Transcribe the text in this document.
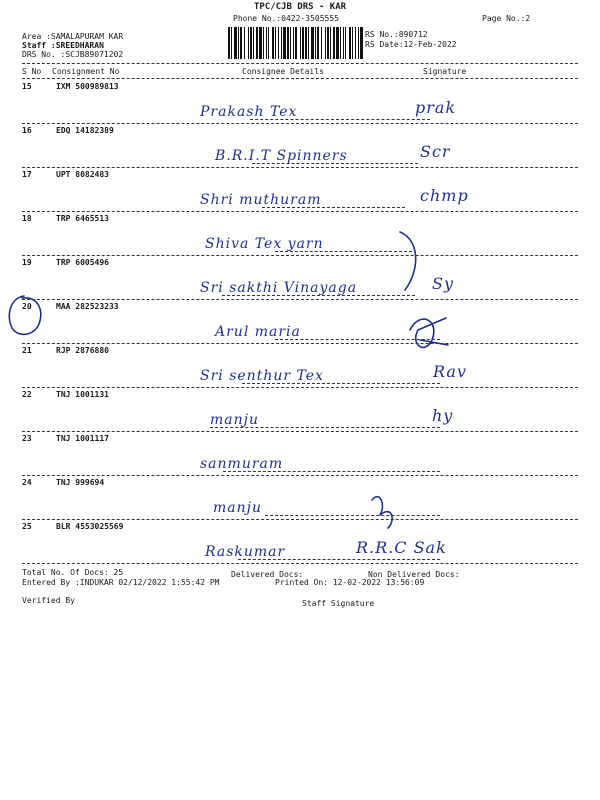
TPC/CJB DRS - KAR
Phone No.:0422-3505555	Page No.:2
Area :SAMALAPURAM KAR
Staff :SREEDHARAN
DRS No. :SCJB89071202
RS No.:890712
RS Date:12-Feb-2022
S No Consignment No	Consignee Details	Signature
15	IXM 500989813
Prakash Tex	prak
16	EDQ 14182389
B.R.I.T Spinners	Scr
17	UPT 8082483
Shri muthuram	chmp
18	TRP 6465513
Shiva Tex yarn
19	TRP 6005496
Sri sakthi Vinayaga	Sy
20	MAA 282523233
Arul maria
21	RJP 2876880
Sri senthur Tex	Rav
22	TNJ 1001131
manju	hy
23	TNJ 1001117
sanmuram
24	TNJ 999694
manju
25	BLR 4553025569
Raskumar	R.R.C Sak
Total No. Of Docs: 25	Delivered Docs:	Non Delivered Docs:
Entered By :INDUKAR 02/12/2022 1:55:42 PM	Printed On: 12-02-2022 13:56:09
Verified By	Staff Signature
